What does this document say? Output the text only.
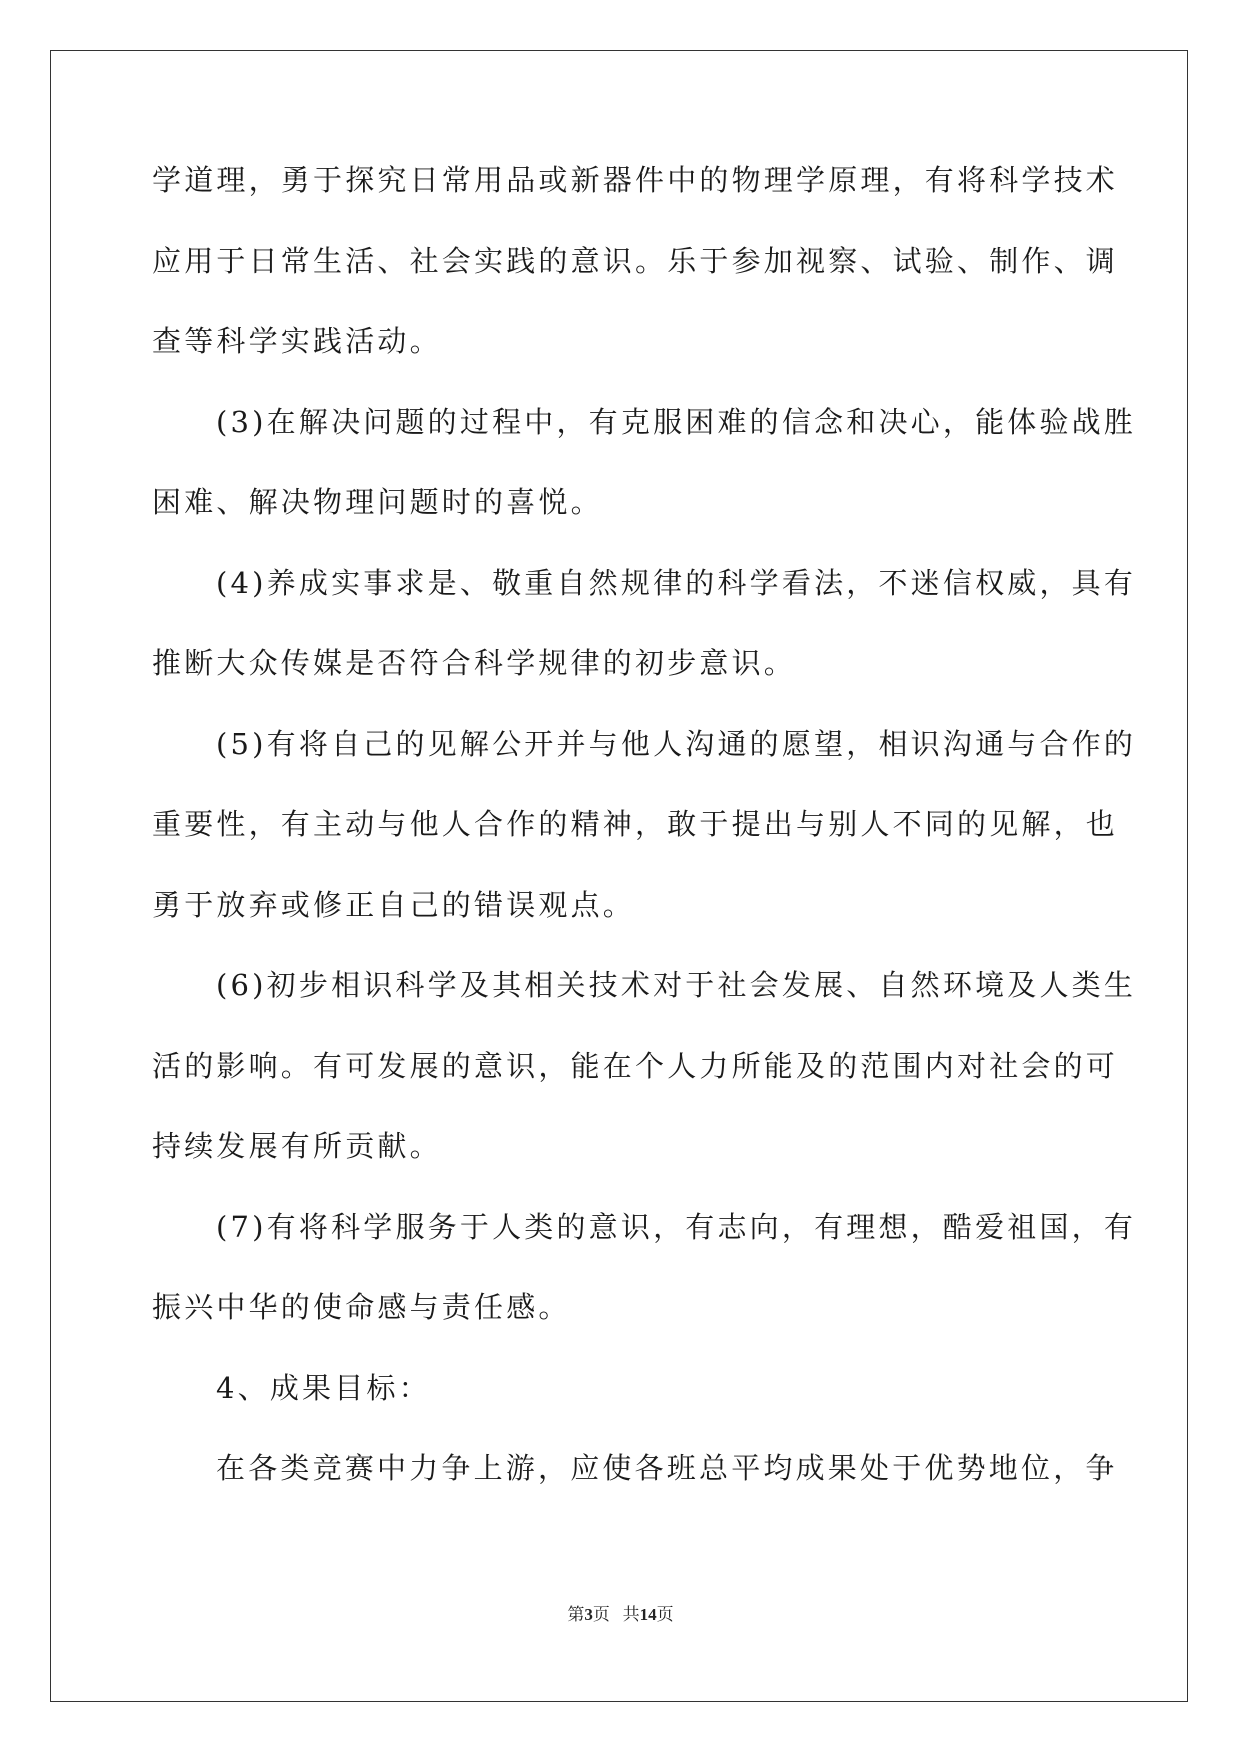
学道理，勇于探究日常用品或新器件中的物理学原理，有将科学技术
应用于日常生活、社会实践的意识。乐于参加视察、试验、制作、调
查等科学实践活动。
(3)在解决问题的过程中，有克服困难的信念和决心，能体验战胜
困难、解决物理问题时的喜悦。
(4)养成实事求是、敬重自然规律的科学看法，不迷信权威，具有
推断大众传媒是否符合科学规律的初步意识。
(5)有将自己的见解公开并与他人沟通的愿望，相识沟通与合作的
重要性，有主动与他人合作的精神，敢于提出与别人不同的见解，也
勇于放弃或修正自己的错误观点。
(6)初步相识科学及其相关技术对于社会发展、自然环境及人类生
活的影响。有可发展的意识，能在个人力所能及的范围内对社会的可
持续发展有所贡献。
(7)有将科学服务于人类的意识，有志向，有理想，酷爱祖国，有
振兴中华的使命感与责任感。
4、成果目标：
在各类竞赛中力争上游，应使各班总平均成果处于优势地位，争
第3页 共14页
